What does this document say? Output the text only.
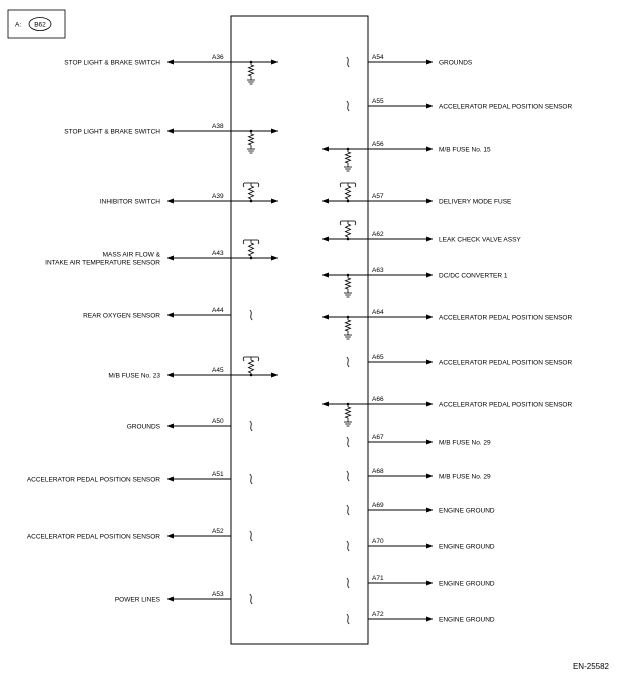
A: B62
A36
STOP LIGHT & BRAKE SWITCH
A38
STOP LIGHT & BRAKE SWITCH
A39
INHIBITOR SWITCH
A43
MASS AIR FLOW &
INTAKE AIR TEMPERATURE SENSOR
A44
REAR OXYGEN SENSOR
A45
M/B FUSE No. 23
A50
GROUNDS
A51
ACCELERATOR PEDAL POSITION SENSOR
A52
ACCELERATOR PEDAL POSITION SENSOR
A53
POWER LINES
A54
GROUNDS
A55
ACCELERATOR PEDAL POSITION SENSOR
A56
M/B FUSE No. 15
A57
DELIVERY MODE FUSE
A62
LEAK CHECK VALVE ASSY
A63
DC/DC CONVERTER 1
A64
ACCELERATOR PEDAL POSITION SENSOR
A65
ACCELERATOR PEDAL POSITION SENSOR
A66
ACCELERATOR PEDAL POSITION SENSOR
A67
M/B FUSE No. 29
A68
M/B FUSE No. 29
A69
ENGINE GROUND
A70
ENGINE GROUND
A71
ENGINE GROUND
A72
ENGINE GROUND
EN-25582
